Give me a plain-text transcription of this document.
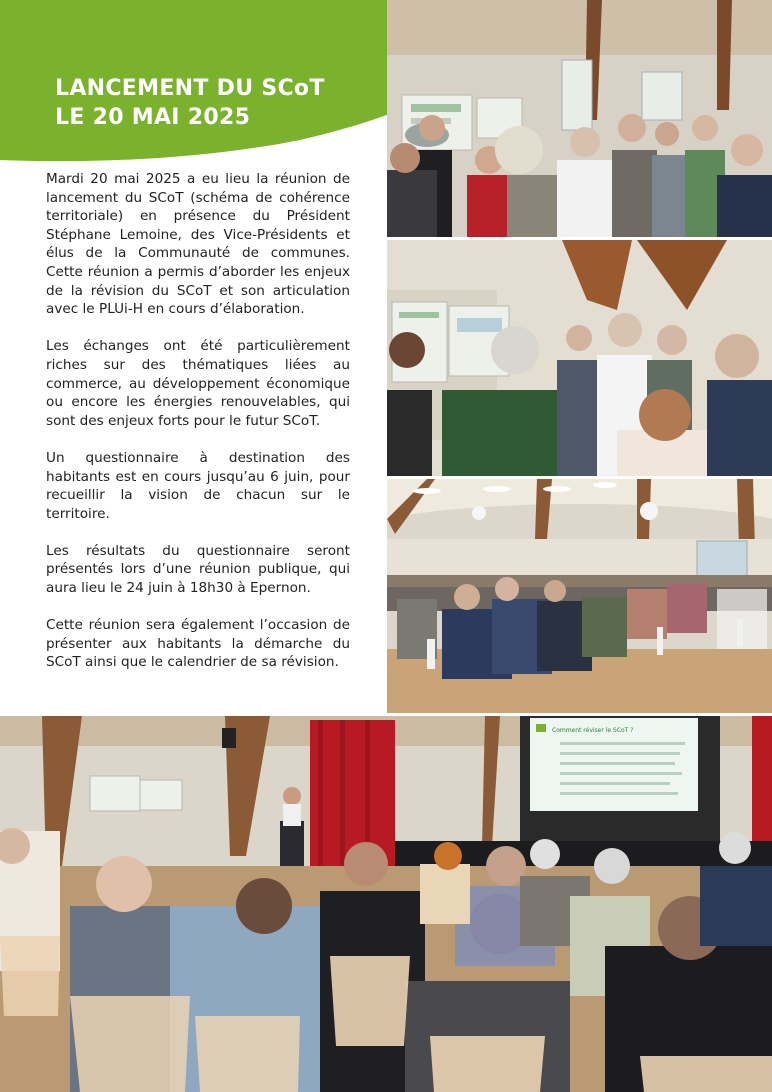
LANCEMENT DU SCoT
LE 20 MAI 2025

Mardi 20 mai 2025 a eu lieu la réunion de lancement du SCoT (schéma de cohérence territoriale) en présence du Président Stéphane Lemoine, des Vice-Présidents et élus de la Communauté de communes. Cette réunion a permis d’aborder les enjeux de la révision du SCoT et son articulation avec le PLUi-H en cours d’élaboration.

Les échanges ont été particulièrement riches sur des thématiques liées au commerce, au développement économique ou encore les énergies renouvelables, qui sont des enjeux forts pour le futur SCoT.

Un questionnaire à destination des habitants est en cours jusqu’au 6 juin, pour recueillir la vision de chacun sur le territoire.

Les résultats du questionnaire seront présentés lors d’une réunion publique, qui aura lieu le 24 juin à 18h30 à Epernon.

Cette réunion sera également l’occasion de présenter aux habitants la démarche du SCoT ainsi que le calendrier de sa révision.

Comment réviser le SCoT ?
